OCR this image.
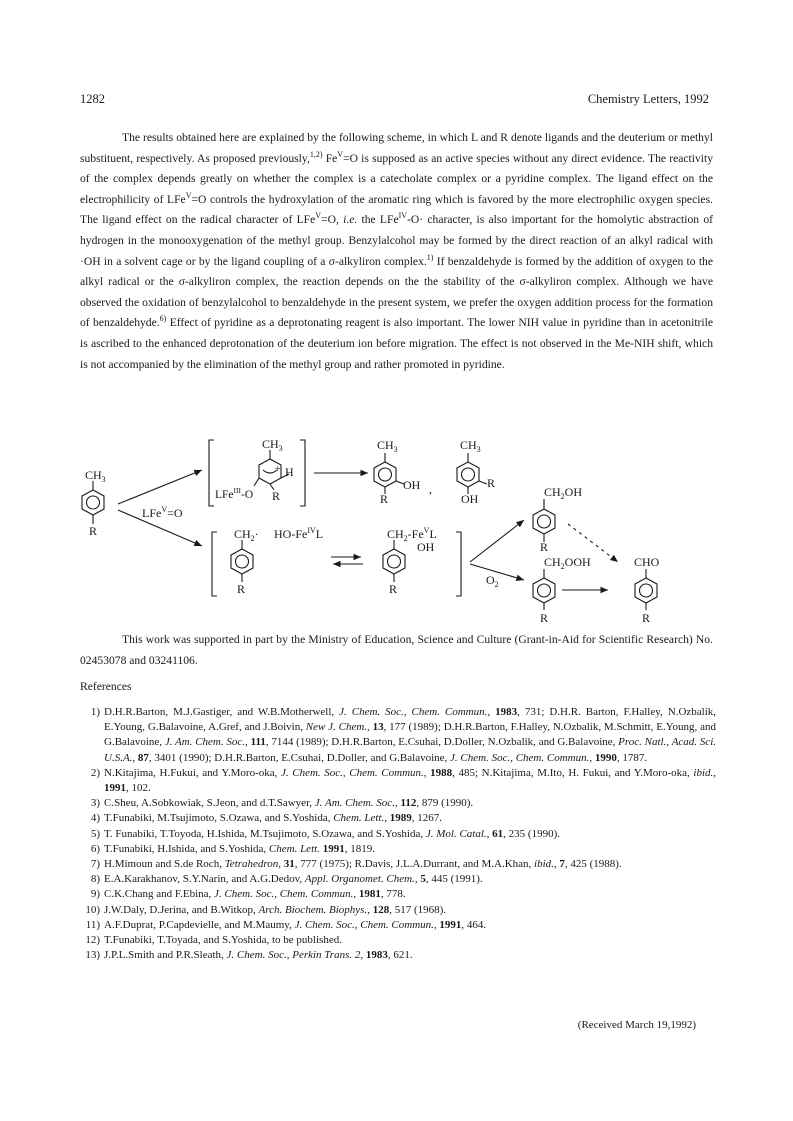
1282	Chemistry Letters, 1992

The results obtained here are explained by the following scheme, in which L and R denote ligands and the deuterium or methyl substituent, respectively. As proposed previously,$^{1,2)}$ $Fe^V=O$ is supposed as an active species without any direct evidence. The reactivity of the complex depends greatly on whether the complex is a catecholate complex or a pyridine complex. The ligand effect on the electrophilicity of LFe$^V$=O controls the hydroxylation of the aromatic ring which is favored by the more electrophilic oxygen species. The ligand effect on the radical character of LFe$^V$=O, i.e. the LFe$^{IV}$-O· character, is also important for the homolytic abstraction of hydrogen in the monooxygenation of the methyl group. Benzylalcohol may be formed by the direct reaction of an alkyl radical with ·OH in a solvent cage or by the ligand coupling of a σ-alkyliron complex.$^{1)}$ If benzaldehyde is formed by the addition of oxygen to the alkyl radical or the σ-alkyliron complex, the reaction depends on the the stability of the σ-alkyliron complex. Although we have observed the oxidation of benzylalcohol to benzaldehyde in the present system, we prefer the oxygen addition process for the formation of benzaldehyde.$^{6)}$ Effect of pyridine as a deprotonating reagent is also important. The lower NIH value in pyridine than in acetonitrile is ascribed to the enhanced deprotonation of the deuterium ion before migration. The effect is not observed in the Me-NIH shift, which is not accompanied by the elimination of the methyl group and rather promoted in pyridine.

$CH_3$
R
LFe$^V$=O
$CH_3$
LFe$^{III}$-O
+ H
R
$CH_3$
OH
R
,
$CH_3$
R
OH
$CH_2\cdot HO-Fe^{IV}L$
R
$CH_2-Fe^VL$
OH
R
$O_2$
$CH_2OH$
R
$CH_2OOH$
R
CHO
R
This work was supported in part by the Ministry of Education, Science and Culture (Grant-in-Aid for Scientific Research) No. 02453078 and 03241106.
References
1) D.H.R.Barton, M.J.Gastiger, and W.B.Motherwell, J. Chem. Soc., Chem. Commun., 1983, 731; D.H.R. Barton, F.Halley, N.Ozbalik, E.Young, G.Balavoine, A.Gref, and J.Boivin, New J. Chem., 13, 177 (1989); D.H.R.Barton, F.Halley, N.Ozbalik, M.Schmitt, E.Young, and G.Balavoine, J. Am. Chem. Soc., 111, 7144 (1989); D.H.R.Barton, E.Csuhai, D.Doller, N.Ozbalik, and G.Balavoine, Proc. Natl., Acad. Sci. U.S.A., 87, 3401 (1990); D.H.R.Barton, E.Csuhai, D.Doller, and G.Balavoine, J. Chem. Soc., Chem. Commun., 1990, 1787.
2) N.Kitajima, H.Fukui, and Y.Moro-oka, J. Chem. Soc., Chem. Commun., 1988, 485; N.Kitajima, M.Ito, H. Fukui, and Y.Moro-oka, ibid., 1991, 102.
3) C.Sheu, A.Sobkowiak, S.Jeon, and d.T.Sawyer, J. Am. Chem. Soc., 112, 879 (1990).
4) T.Funabiki, M.Tsujimoto, S.Ozawa, and S.Yoshida, Chem. Lett., 1989, 1267.
5) T. Funabiki, T.Toyoda, H.Ishida, M.Tsujimoto, S.Ozawa, and S.Yoshida, J. Mol. Catal., 61, 235 (1990).
6) T.Funabiki, H.Ishida, and S.Yoshida, Chem. Lett. 1991, 1819.
7) H.Mimoun and S.de Roch, Tetrahedron, 31, 777 (1975); R.Davis, J.L.A.Durrant, and M.A.Khan, ibid., 7, 425 (1988).
8) E.A.Karakhanov, S.Y.Narin, and A.G.Dedov, Appl. Organomet. Chem., 5, 445 (1991).
9) C.K.Chang and F.Ebina, J. Chem. Soc., Chem. Commun., 1981, 778.
10) J.W.Daly, D.Jerina, and B.Witkop, Arch. Biochem. Biophys., 128, 517 (1968).
11) A.F.Duprat, P.Capdevielle, and M.Maumy, J. Chem. Soc., Chem. Commun., 1991, 464.
12) T.Funabiki, T.Toyada, and S.Yoshida, to be published.
13) J.P.L.Smith and P.R.Sleath, J. Chem. Soc., Perkin Trans. 2, 1983, 621.
(Received March 19,1992)
